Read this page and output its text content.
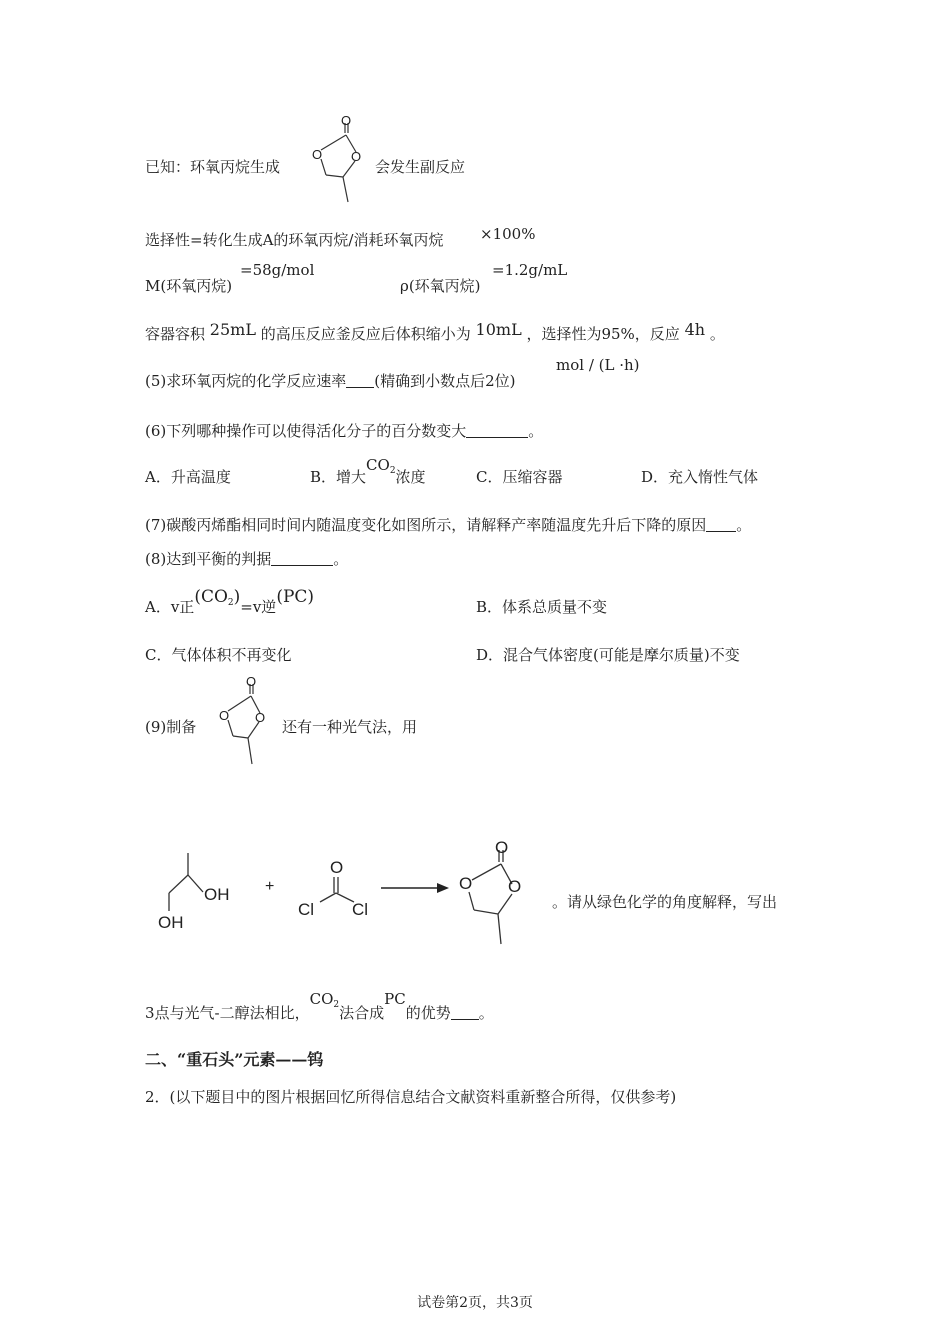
已知：环氧丙烷生成
O
O O
会发生副反应
选择性=转化生成A的环氧丙烷/消耗环氧丙烷 ×100%
M(环氧丙烷)
=58g/mol
ρ(环氧丙烷)
=1.2g/mL
容器容积 25mL 的高压反应釜反应后体积缩小为 10mL ，选择性为95%，反应 4h 。
(5)求环氧丙烷的化学反应速率 (精确到小数点后2位)
mol / (L ·h)
(6)下列哪种操作可以使得活化分子的百分数变大	。
A．升高温度	B．增大$CO_2$浓度	C．压缩容器	D．充入惰性气体
(7)碳酸丙烯酯相同时间内随温度变化如图所示，请解释产率随温度先升后下降的原因 。
(8)达到平衡的判据	。
A．v正$(CO_2)=v$逆(PC)	B．体系总质量不变
C．气体体积不再变化	D．混合气体密度(可能是摩尔质量)不变
(9)制备
O
O O
还有一种光气法，用
OH
OH
+
O
Cl Cl
O
O O
。请从绿色化学的角度解释，写出
3点与光气-二醇法相比，$CO_2$法合成PC的优势 。
二、“重石头”元素——钨
2．(以下题目中的图片根据回忆所得信息结合文献资料重新整合所得，仅供参考)
试卷第2页，共3页
